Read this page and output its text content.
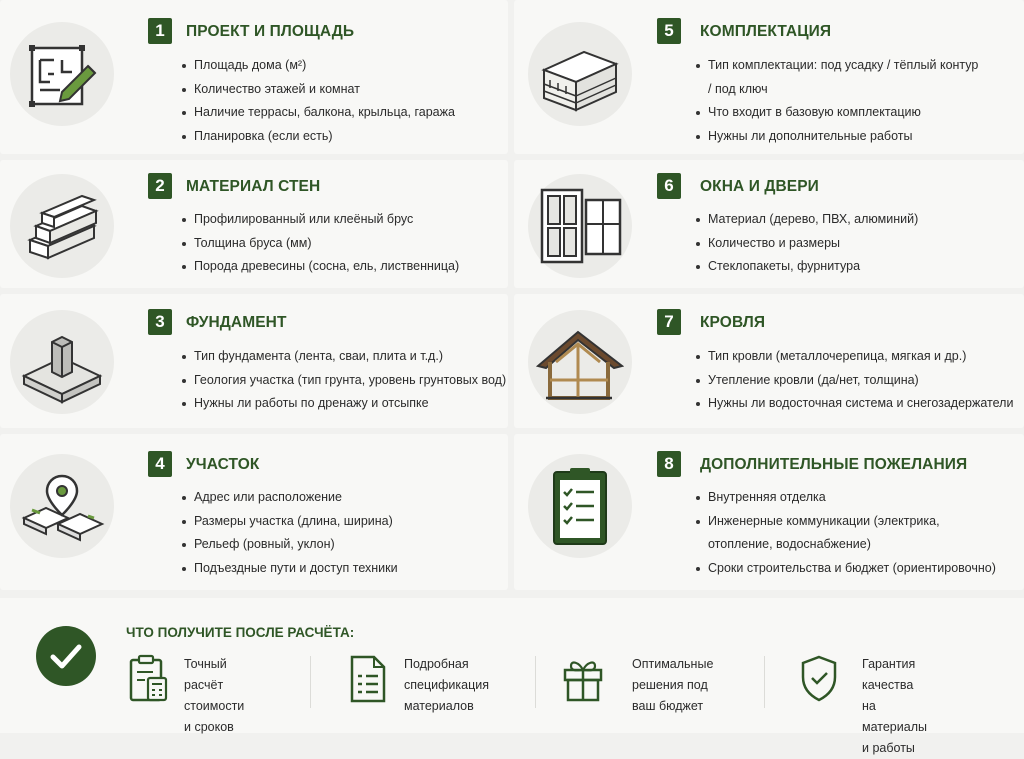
1	ПРОЕКТ И ПЛОЩАДЬ
Площадь дома (м²)
Количество этажей и комнат
Наличие террасы, балкона, крыльца, гаража
Планировка (если есть)
2	МАТЕРИАЛ СТЕН
Профилированный или клеёный брус
Толщина бруса (мм)
Порода древесины (сосна, ель, лиственница)
3	ФУНДАМЕНТ
Тип фундамента (лента, сваи, плита и т.д.)
Геология участка (тип грунта, уровень грунтовых вод)
Нужны ли работы по дренажу и отсыпке
4	УЧАСТОК
Адрес или расположение
Размеры участка (длина, ширина)
Рельеф (ровный, уклон)
Подъездные пути и доступ техники
5	КОМПЛЕКТАЦИЯ
Тип комплектации: под усадку / тёплый контур
/ под ключ
Что входит в базовую комплектацию
Нужны ли дополнительные работы
6	ОКНА И ДВЕРИ
Материал (дерево, ПВХ, алюминий)
Количество и размеры
Стеклопакеты, фурнитура
7	КРОВЛЯ
Тип кровли (металлочерепица, мягкая и др.)
Утепление кровли (да/нет, толщина)
Нужны ли водосточная система и снегозадержатели
8	ДОПОЛНИТЕЛЬНЫЕ ПОЖЕЛАНИЯ
Внутренняя отделка
Инженерные коммуникации (электрика,
отопление, водоснабжение)
Сроки строительства и бюджет (ориентировочно)
ЧТО ПОЛУЧИТЕ ПОСЛЕ РАСЧЁТА:
Точный расчёт
стоимости
и сроков
Подробная
спецификация
материалов
Оптимальные
решения под
ваш бюджет
Гарантия качества
на материалы
и работы
